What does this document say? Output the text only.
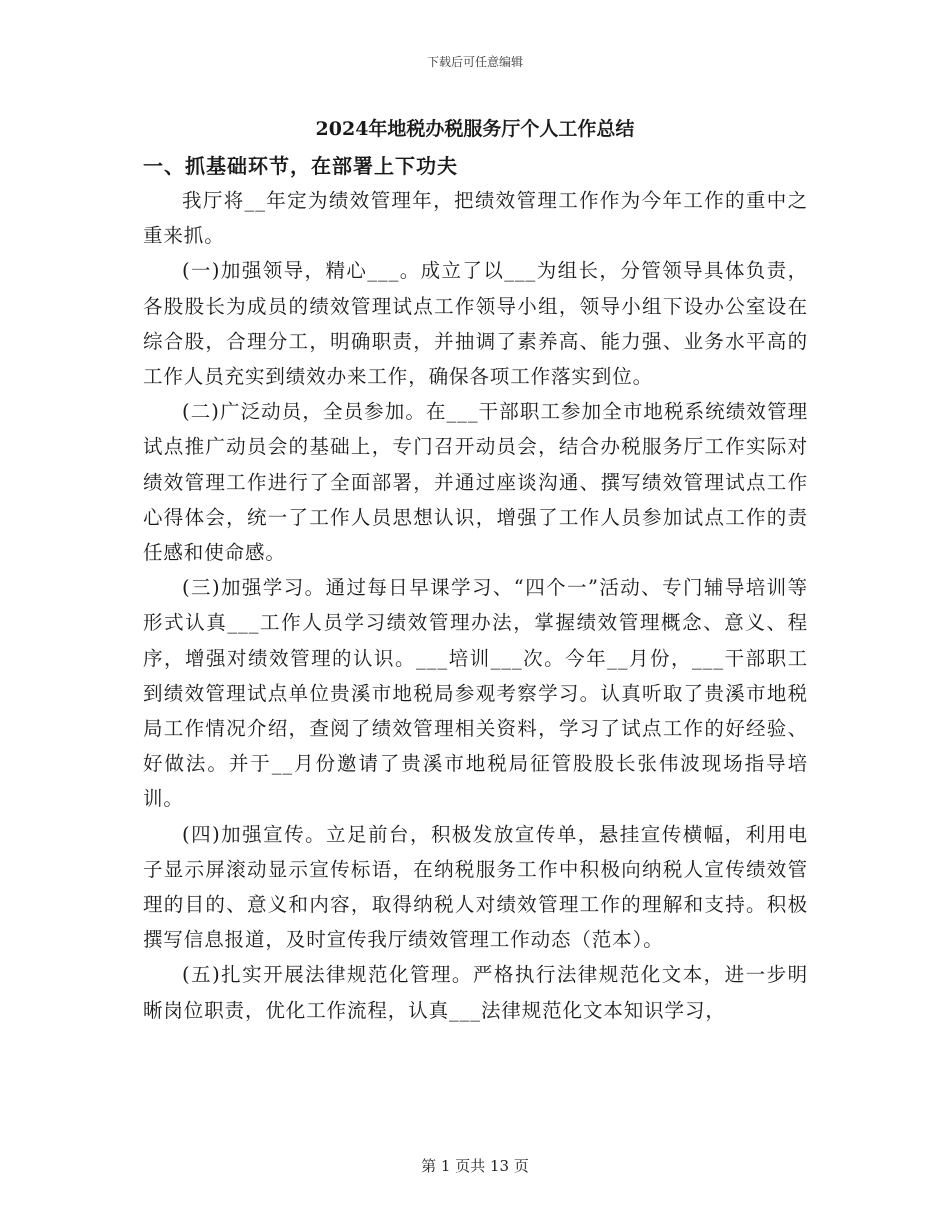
下载后可任意编辑
2024年地税办税服务厅个人工作总结
一、抓基础环节，在部署上下功夫

我厅将__年定为绩效管理年，把绩效管理工作作为今年工作的重中之重来抓。

(一)加强领导，精心___。成立了以___为组长，分管领导具体负责，各股股长为成员的绩效管理试点工作领导小组，领导小组下设办公室设在综合股，合理分工，明确职责，并抽调了素养高、能力强、业务水平高的工作人员充实到绩效办来工作，确保各项工作落实到位。

(二)广泛动员，全员参加。在___干部职工参加全市地税系统绩效管理试点推广动员会的基础上，专门召开动员会，结合办税服务厅工作实际对绩效管理工作进行了全面部署，并通过座谈沟通、撰写绩效管理试点工作心得体会，统一了工作人员思想认识，增强了工作人员参加试点工作的责任感和使命感。

(三)加强学习。通过每日早课学习、“四个一”活动、专门辅导培训等形式认真___工作人员学习绩效管理办法，掌握绩效管理概念、意义、程序，增强对绩效管理的认识。___培训___次。今年__月份，___干部职工到绩效管理试点单位贵溪市地税局参观考察学习。认真听取了贵溪市地税局工作情况介绍，查阅了绩效管理相关资料，学习了试点工作的好经验、好做法。并于__月份邀请了贵溪市地税局征管股股长张伟波现场指导培训。

(四)加强宣传。立足前台，积极发放宣传单，悬挂宣传横幅，利用电子显示屏滚动显示宣传标语，在纳税服务工作中积极向纳税人宣传绩效管理的目的、意义和内容，取得纳税人对绩效管理工作的理解和支持。积极撰写信息报道，及时宣传我厅绩效管理工作动态（范本）。

(五)扎实开展法律规范化管理。严格执行法律规范化文本，进一步明晰岗位职责，优化工作流程，认真___法律规范化文本知识学习，

第 1 页共 13 页
